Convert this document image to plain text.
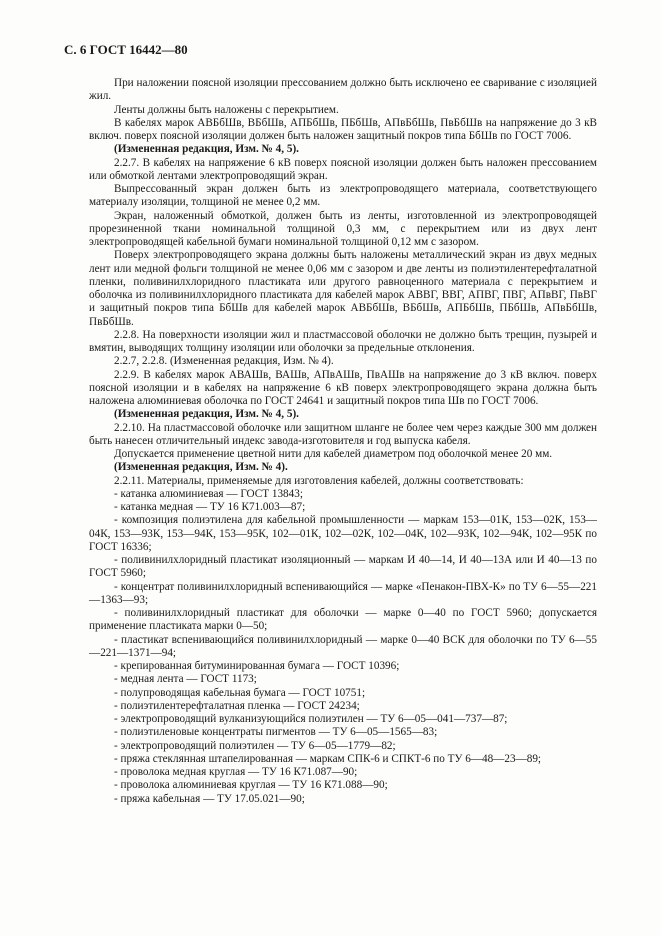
С. 6 ГОСТ 16442—80

При наложении поясной изоляции прессованием должно быть исключено ее сваривание с изоляцией жил.

Ленты должны быть наложены с перекрытием.

В кабелях марок АВБбШв, ВБбШв, АПБбШв, ПБбШв, АПвБбШв, ПвБбШв на напряжение до 3 кВ включ. поверх поясной изоляции должен быть наложен защитный покров типа БбШв по ГОСТ 7006.

(Измененная редакция, Изм. № 4, 5).

2.2.7. В кабелях на напряжение 6 кВ поверх поясной изоляции должен быть наложен прессованием или обмоткой лентами электропроводящий экран.

Выпрессованный экран должен быть из электропроводящего материала, соответствующего материалу изоляции, толщиной не менее 0,2 мм.

Экран, наложенный обмоткой, должен быть из ленты, изготовленной из электропроводящей прорезиненной ткани номинальной толщиной 0,3 мм, с перекрытием или из двух лент электропроводящей кабельной бумаги номинальной толщиной 0,12 мм с зазором.

Поверх электропроводящего экрана должны быть наложены металлический экран из двух медных лент или медной фольги толщиной не менее 0,06 мм с зазором и две ленты из полиэтилентерефталатной пленки, поливинилхлоридного пластиката или другого равноценного материала с перекрытием и оболочка из поливинилхлоридного пластиката для кабелей марок АВВГ, ВВГ, АПВГ, ПВГ, АПвВГ, ПвВГ и защитный покров типа БбШв для кабелей марок АВБбШв, ВБбШв, АПБбШв, ПБбШв, АПвБбШв, ПвБбШв.

2.2.8. На поверхности изоляции жил и пластмассовой оболочки не должно быть трещин, пузырей и вмятин, выводящих толщину изоляции или оболочки за предельные отклонения.

2.2.7, 2.2.8. (Измененная редакция, Изм. № 4).

2.2.9. В кабелях марок АВАШв, ВАШв, АПвАШв, ПвАШв на напряжение до 3 кВ включ. поверх поясной изоляции и в кабелях на напряжение 6 кВ поверх электропроводящего экрана должна быть наложена алюминиевая оболочка по ГОСТ 24641 и защитный покров типа Шв по ГОСТ 7006.

(Измененная редакция, Изм. № 4, 5).

2.2.10. На пластмассовой оболочке или защитном шланге не более чем через каждые 300 мм должен быть нанесен отличительный индекс завода-изготовителя и год выпуска кабеля.

Допускается применение цветной нити для кабелей диаметром под оболочкой менее 20 мм.

(Измененная редакция, Изм. № 4).

2.2.11. Материалы, применяемые для изготовления кабелей, должны соответствовать:

- катанка алюминиевая — ГОСТ 13843;

- катанка медная — ТУ 16 К71.003—87;

- композиция полиэтилена для кабельной промышленности — маркам 153—01К, 153—02К, 153—04К, 153—93К, 153—94К, 153—95К, 102—01К, 102—02К, 102—04К, 102—93К, 102—94К, 102—95К по ГОСТ 16336;

- поливинилхлоридный пластикат изоляционный — маркам И 40—14, И 40—13А или И 40—13 по ГОСТ 5960;

- концентрат поливинилхлоридный вспенивающийся — марке «Пенакон-ПВХ-К» по ТУ 6—55—221—1363—93;

- поливинилхлоридный пластикат для оболочки — марке 0—40 по ГОСТ 5960; допускается применение пластиката марки 0—50;

- пластикат вспенивающийся поливинилхлоридный — марке 0—40 ВСК для оболочки по ТУ 6—55—221—1371—94;

- крепированная битуминированная бумага — ГОСТ 10396;

- медная лента — ГОСТ 1173;

- полупроводящая кабельная бумага — ГОСТ 10751;

- полиэтилентерефталатная пленка — ГОСТ 24234;

- электропроводящий вулканизующийся полиэтилен — ТУ 6—05—041—737—87;

- полиэтиленовые концентраты пигментов — ТУ 6—05—1565—83;

- электропроводящий полиэтилен — ТУ 6—05—1779—82;

- пряжа стеклянная штапелированная — маркам СПК-6 и СПКТ-6 по ТУ 6—48—23—89;

- проволока медная круглая — ТУ 16 К71.087—90;

- проволока алюминиевая круглая — ТУ 16 К71.088—90;

- пряжа кабельная — ТУ 17.05.021—90;
